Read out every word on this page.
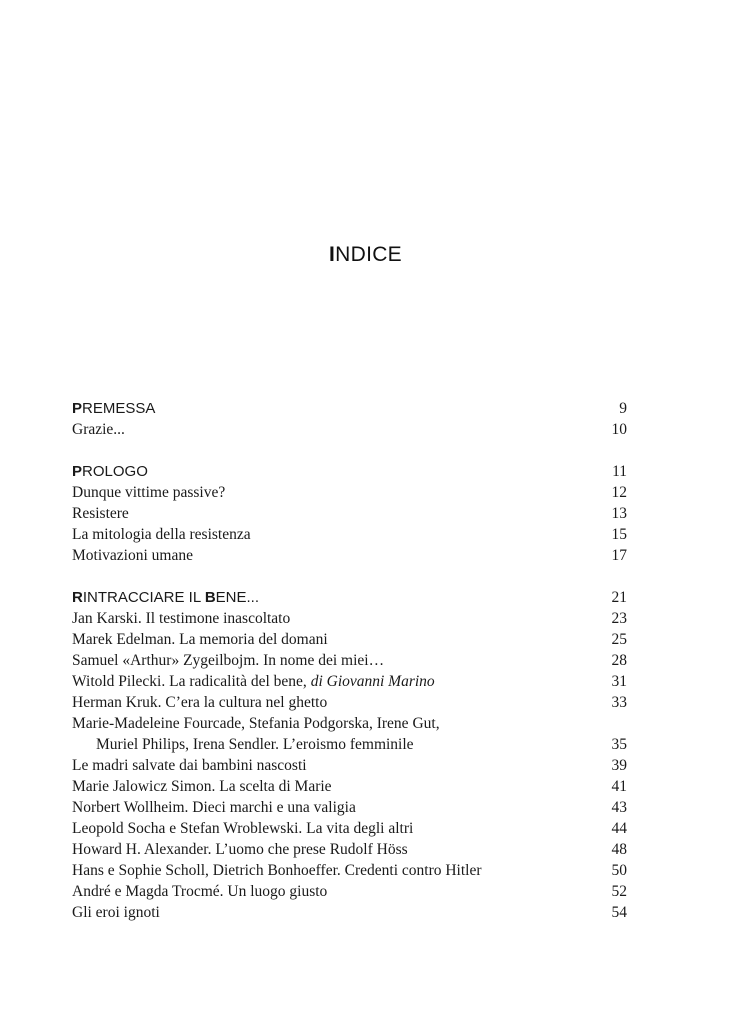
INDICE
PREMESSA	9
Grazie...	10
PROLOGO	11
Dunque vittime passive?	12
Resistere	13
La mitologia della resistenza	15
Motivazioni umane	17
RINTRACCIARE IL BENE...	21
Jan Karski. Il testimone inascoltato	23
Marek Edelman. La memoria del domani	25
Samuel «Arthur» Zygeilbojm. In nome dei miei…	28
Witold Pilecki. La radicalità del bene, di Giovanni Marino	31
Herman Kruk. C’era la cultura nel ghetto	33
Marie-Madeleine Fourcade, Stefania Podgorska, Irene Gut,
Muriel Philips, Irena Sendler. L’eroismo femminile	35
Le madri salvate dai bambini nascosti	39
Marie Jalowicz Simon. La scelta di Marie	41
Norbert Wollheim. Dieci marchi e una valigia	43
Leopold Socha e Stefan Wroblewski. La vita degli altri	44
Howard H. Alexander. L’uomo che prese Rudolf Höss	48
Hans e Sophie Scholl, Dietrich Bonhoeffer. Credenti contro Hitler	50
André e Magda Trocmé. Un luogo giusto	52
Gli eroi ignoti	54
